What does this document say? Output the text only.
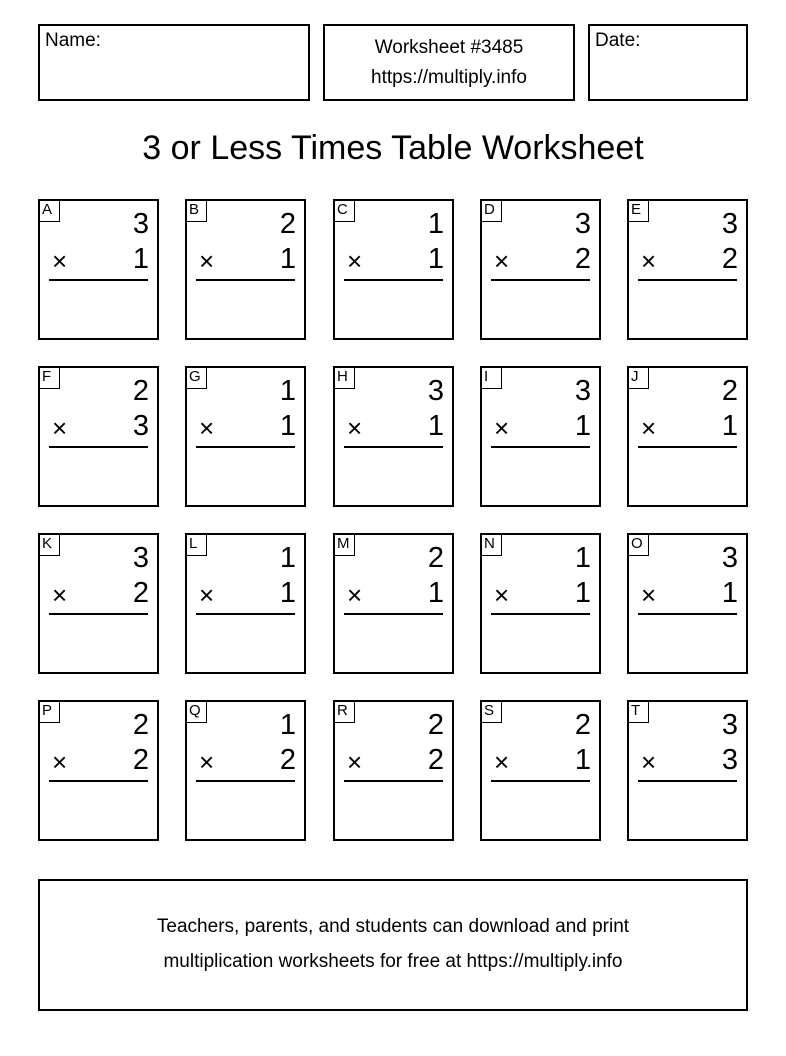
Name:	Worksheet #3485
https://multiply.info
Date:
3 or Less Times Table Worksheet
A	3
× 1
B	2
× 1
C	1
× 1
D	3
× 2
E	3
× 2
F	2
× 3
G	1
× 1
H	3
× 1
I	3
× 1
J	2
× 1
K	3
× 2
L	1
× 1
M	2
× 1
N	1
× 1
O	3
× 1
P	2
× 2
Q	1
× 2
R	2
× 2
S	2
× 1
T	3
× 3
Teachers, parents, and students can download and print
multiplication worksheets for free at https://multiply.info
